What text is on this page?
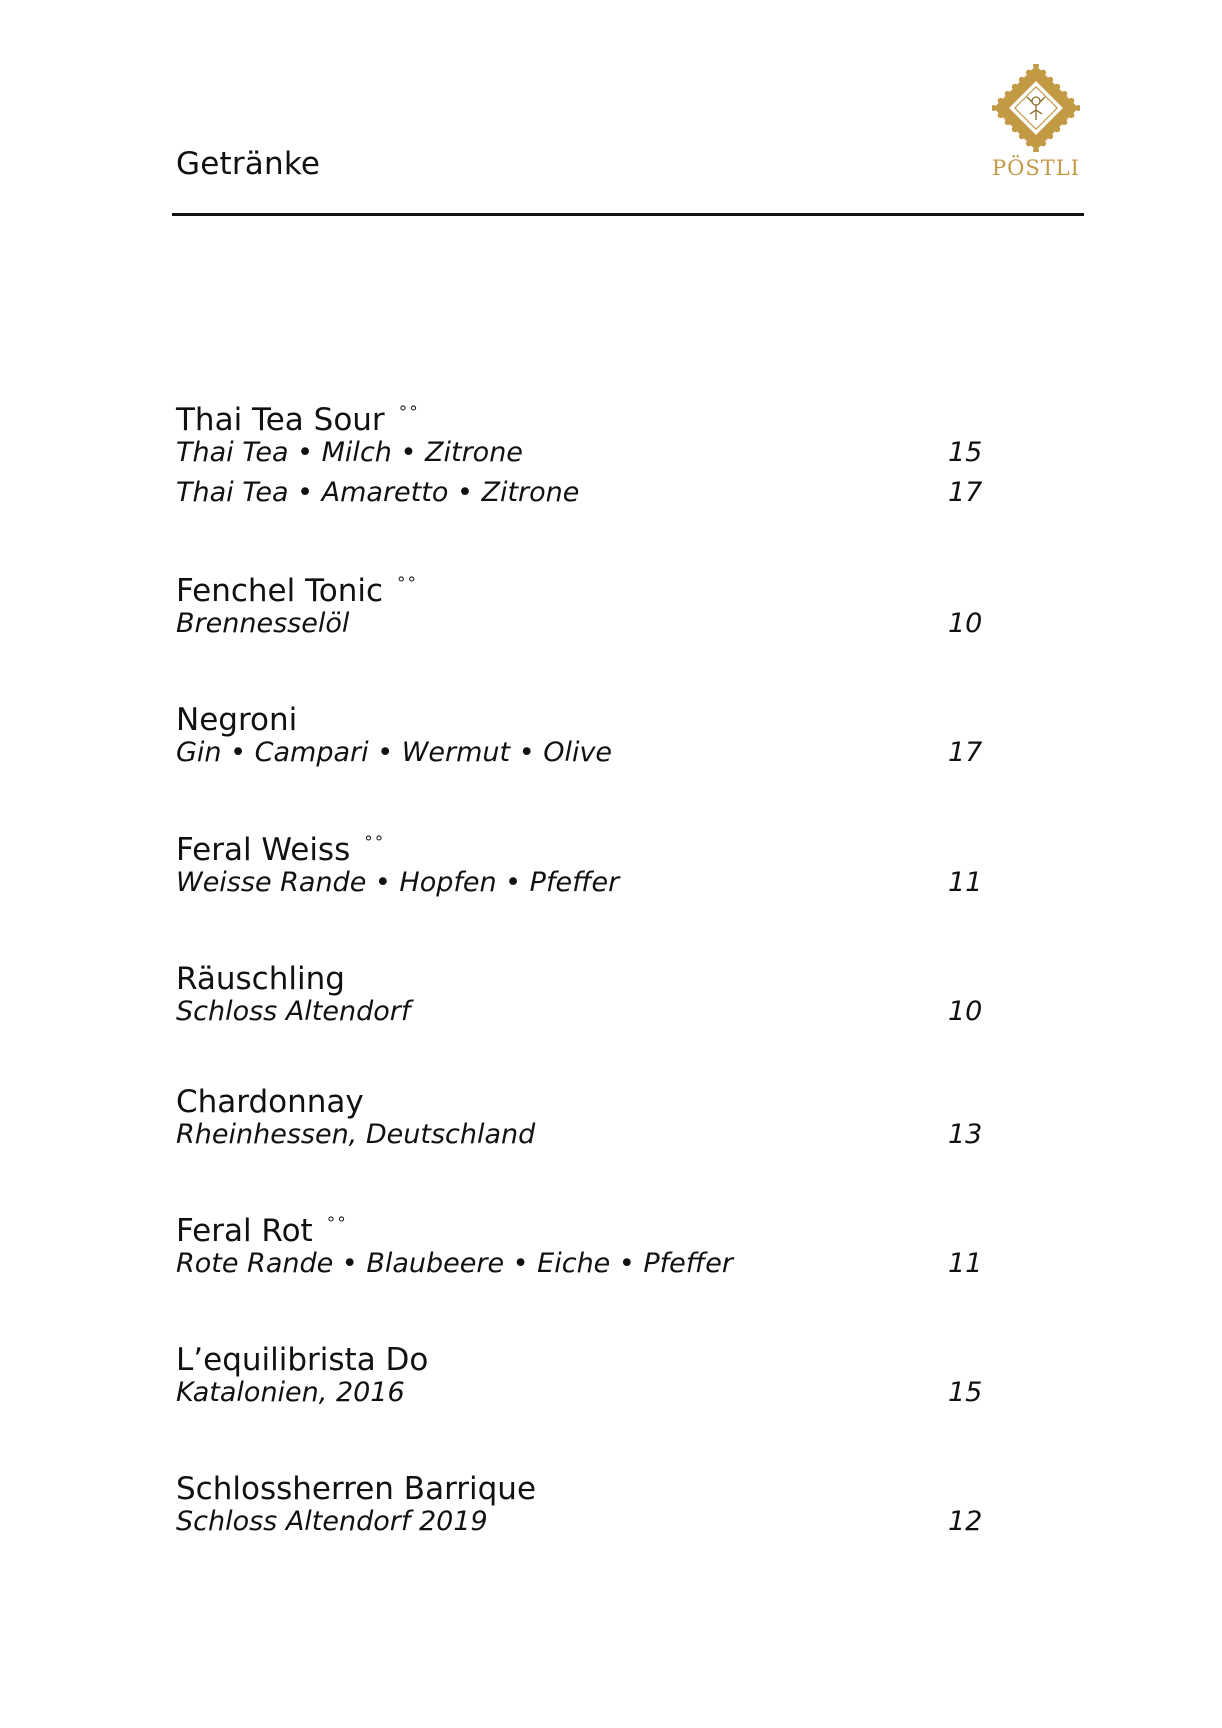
Getränke	PÖSTLI
Thai Tea Sour °°
Thai Tea • Milch • Zitrone	15
Thai Tea • Amaretto • Zitrone	17
Fenchel Tonic °°
Brennesselöl	10
Negroni
Gin • Campari • Wermut • Olive	17
Feral Weiss °°
Weisse Rande • Hopfen • Pfeffer	11
Räuschling
Schloss Altendorf	10
Chardonnay
Rheinhessen, Deutschland	13
Feral Rot °°
Rote Rande • Blaubeere • Eiche • Pfeffer	11
L’equilibrista Do
Katalonien, 2016	15
Schlossherren Barrique
Schloss Altendorf 2019	12
